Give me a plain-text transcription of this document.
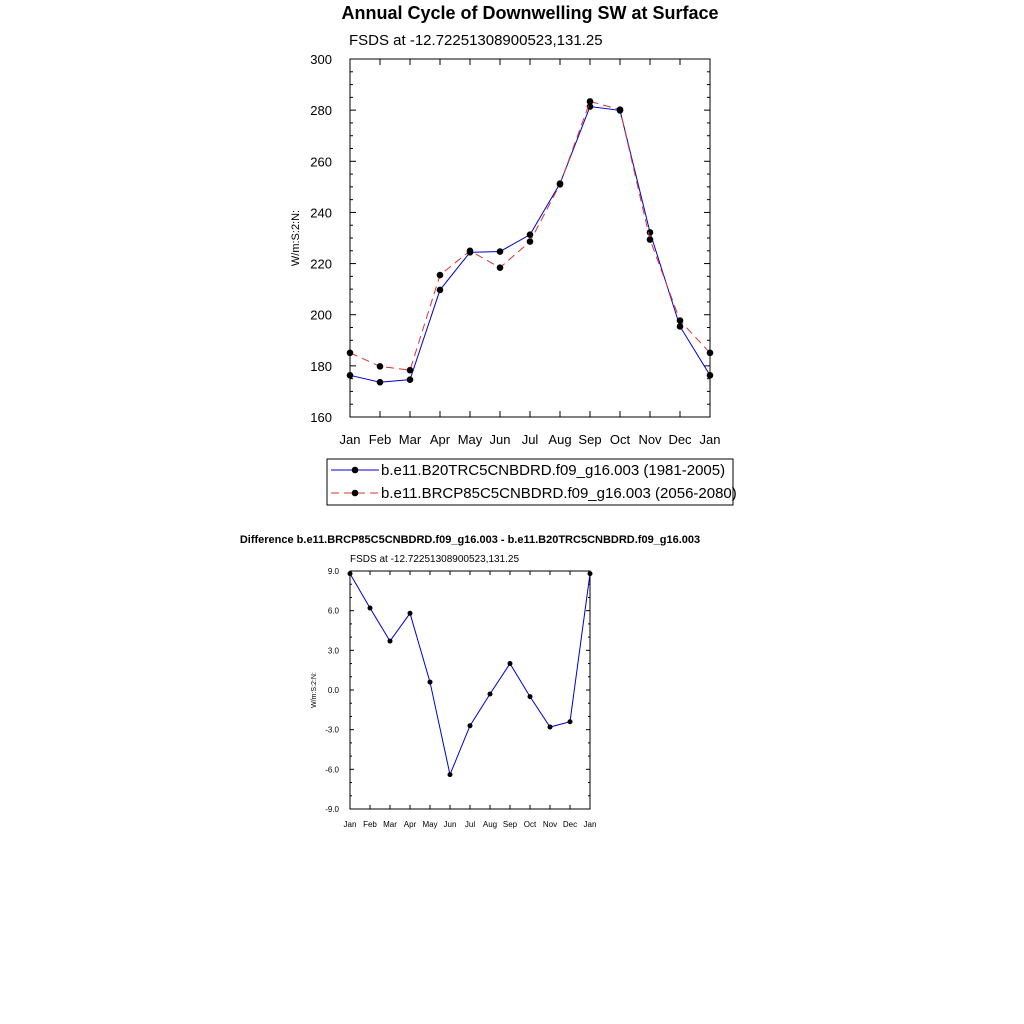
Annual Cycle of Downwelling SW at Surface
FSDS at -12.72251308900523,131.25
W/m:S:2:N:
Jan Feb Mar Apr May Jun Jul Aug Sep Oct Nov Dec Jan
160
180
200
220
240
260
280
300
b.e11.B20TRC5CNBDRD.f09_g16.003 (1981-2005)
b.e11.BRCP85C5CNBDRD.f09_g16.003 (2056-2080)
Difference b.e11.BRCP85C5CNBDRD.f09_g16.003 - b.e11.B20TRC5CNBDRD.f09_g16.003
FSDS at -12.72251308900523,131.25
W/m:S:2:N:
Jan Feb Mar Apr May Jun Jul Aug Sep Oct Nov Dec Jan
-9.0
-6.0
-3.0
0.0
3.0
6.0
9.0
